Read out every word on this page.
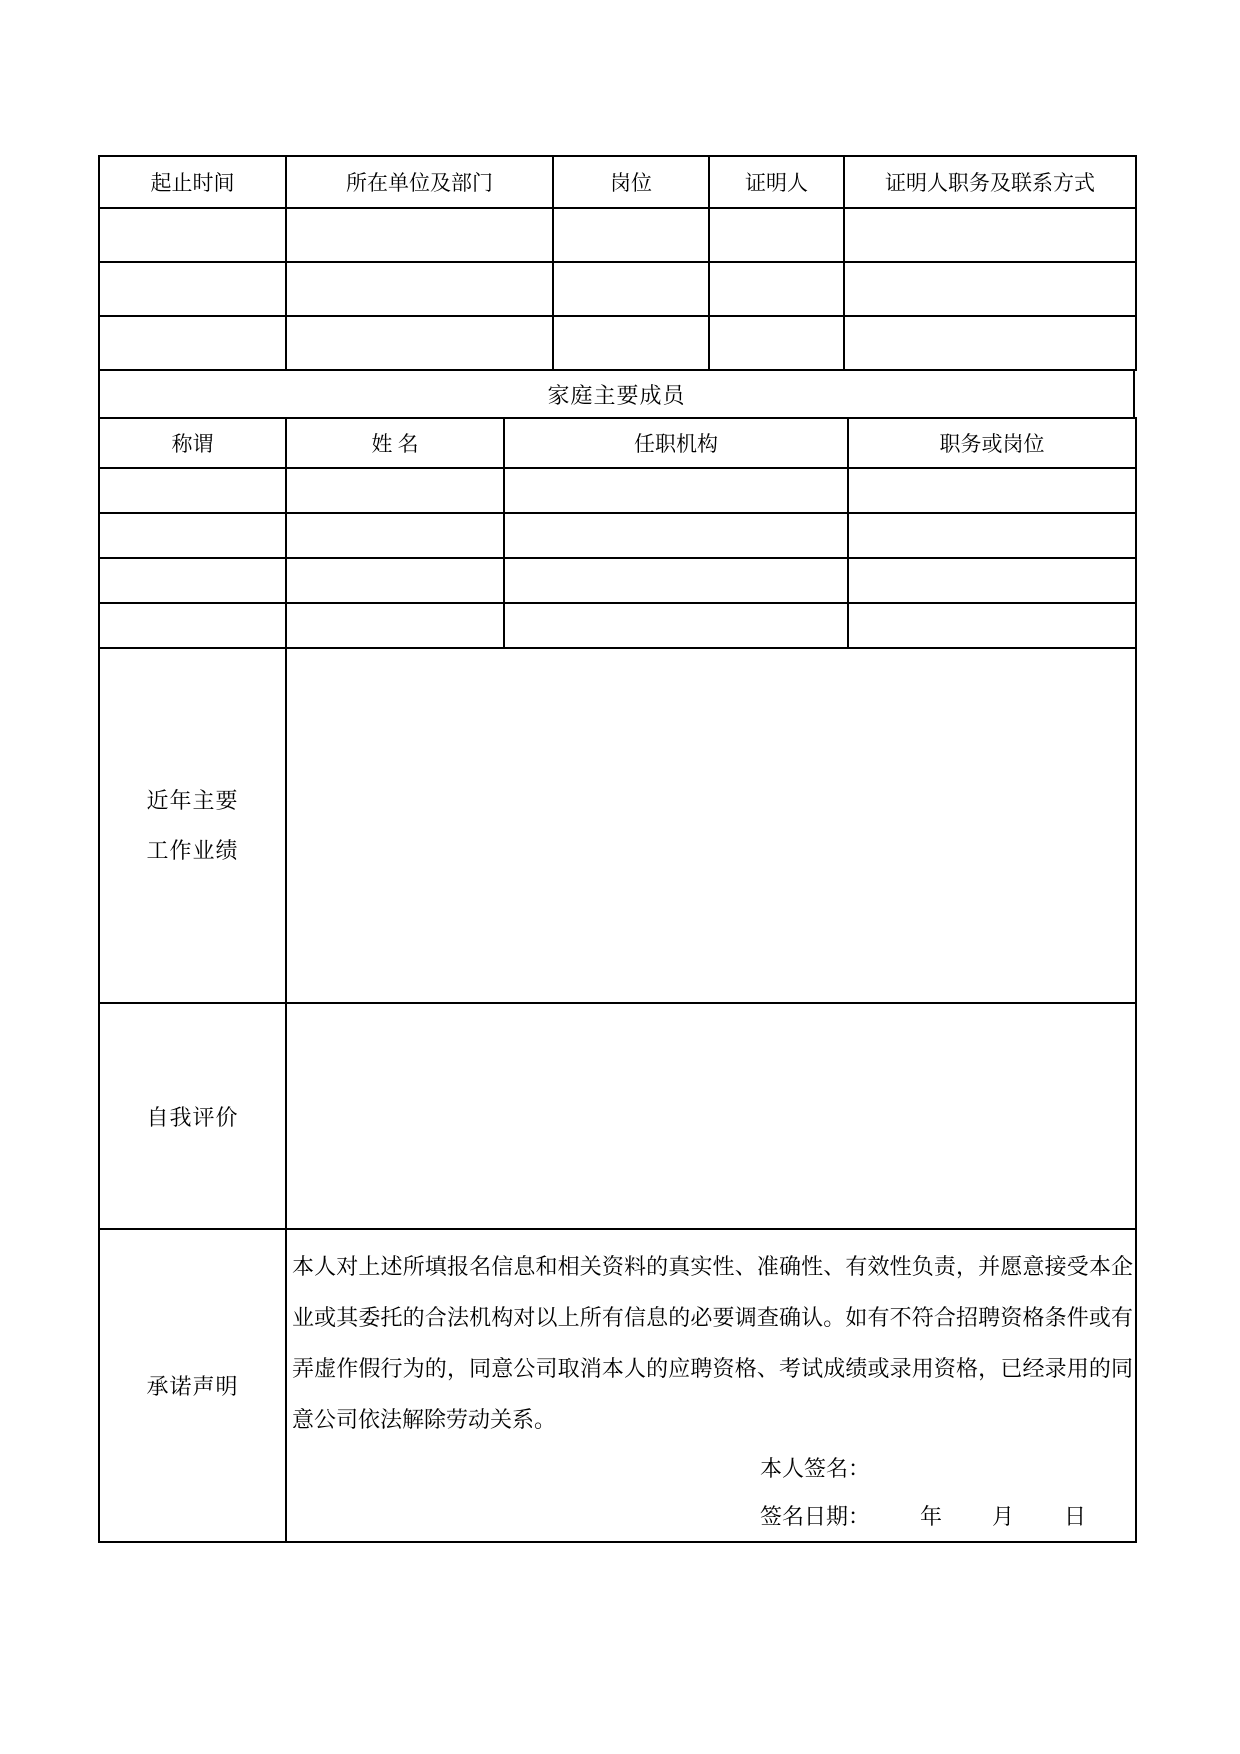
起止时间	所在单位及部门	岗位	证明人	证明人职务及联系方式

家庭主要成员
称谓	姓 名	任职机构	职务或岗位

近年主要
工作业绩	

自我评价	
承诺声明	本人对上述所填报名信息和相关资料的真实性、准确性、有效性负责，并愿意接受本企业或其委托的合法机构对以上所有信息的必要调查确认。如有不符合招聘资格条件或有弄虚作假行为的，同意公司取消本人的应聘资格、考试成绩或录用资格，已经录用的同意公司依法解除劳动关系。
本人签名：
签名日期： 年 月 日
